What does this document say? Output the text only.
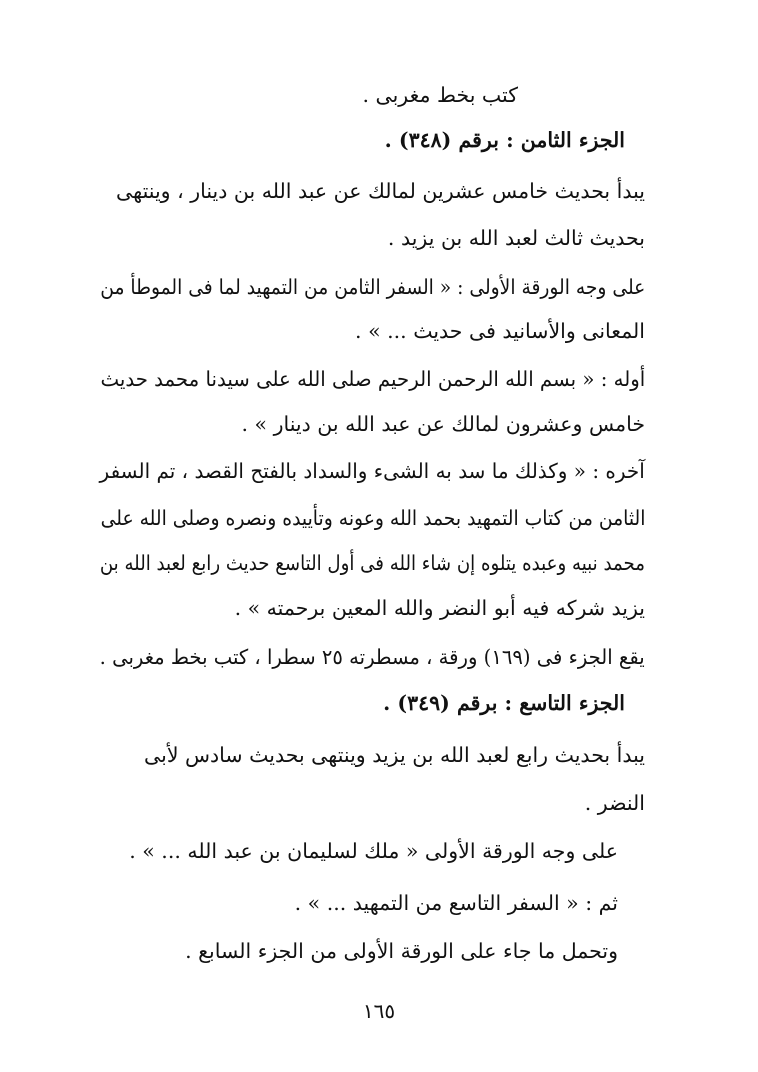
كتب بخط مغربى .
الجزء الثامن : برقم (٣٤٨) .
يبدأ بحديث خامس عشرين لمالك عن عبد الله بن دينار ، وينتهى
بحديث ثالث لعبد الله بن يزيد .
على وجه الورقة الأولى : « السفر الثامن من التمهيد لما فى الموطأ من
المعانى والأسانيد فى حديث ... » .
أوله : « بسم الله الرحمن الرحيم صلى الله على سيدنا محمد حديث
خامس وعشرون لمالك عن عبد الله بن دينار » .
آخره : « وكذلك ما سد به الشىء والسداد بالفتح القصد ، تم السفر
الثامن من كتاب التمهيد بحمد الله وعونه وتأييده ونصره وصلى الله على
محمد نبيه وعبده يتلوه إن شاء الله فى أول التاسع حديث رابع لعبد الله بن
يزيد شركه فيه أبو النضر والله المعين برحمته » .
يقع الجزء فى (١٦٩) ورقة ، مسطرته ٢٥ سطرا ، كتب بخط مغربى .
الجزء التاسع : برقم (٣٤٩) .
يبدأ بحديث رابع لعبد الله بن يزيد وينتهى بحديث سادس لأبى
النضر .
على وجه الورقة الأولى « ملك لسليمان بن عبد الله ... » .
ثم : « السفر التاسع من التمهيد ... » .
وتحمل ما جاء على الورقة الأولى من الجزء السابع .
١٦٥
